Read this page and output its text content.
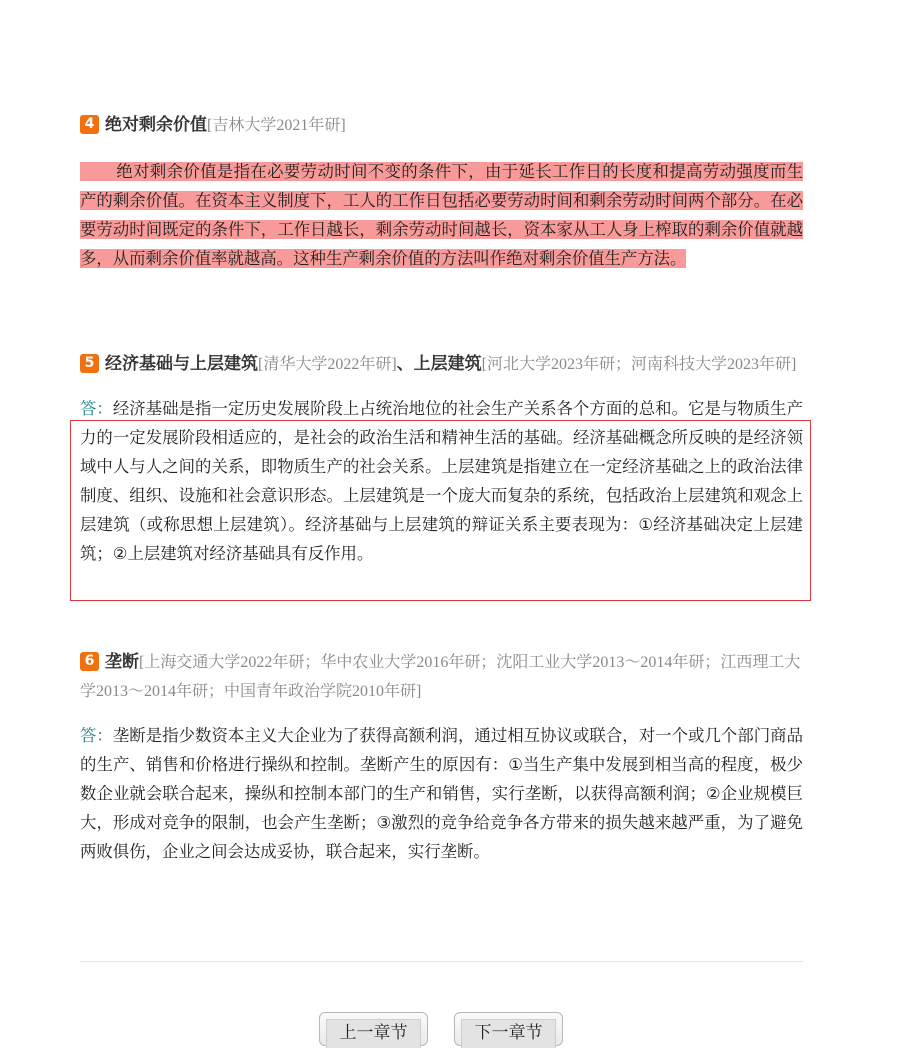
4 绝对剩余价值[吉林大学2021年研]

绝对剩余价值是指在必要劳动时间不变的条件下，由于延长工作日的长度和提高劳动强度而生产的剩余价值。在资本主义制度下，工人的工作日包括必要劳动时间和剩余劳动时间两个部分。在必要劳动时间既定的条件下，工作日越长，剩余劳动时间越长，资本家从工人身上榨取的剩余价值就越多，从而剩余价值率就越高。这种生产剩余价值的方法叫作绝对剩余价值生产方法。

5 经济基础与上层建筑[清华大学2022年研]、上层建筑[河北大学2023年研；河南科技大学2023年研]

答：经济基础是指一定历史发展阶段上占统治地位的社会生产关系各个方面的总和。它是与物质生产力的一定发展阶段相适应的，是社会的政治生活和精神生活的基础。经济基础概念所反映的是经济领域中人与人之间的关系，即物质生产的社会关系。上层建筑是指建立在一定经济基础之上的政治法律制度、组织、设施和社会意识形态。上层建筑是一个庞大而复杂的系统，包括政治上层建筑和观念上层建筑（或称思想上层建筑）。经济基础与上层建筑的辩证关系主要表现为：①经济基础决定上层建筑；②上层建筑对经济基础具有反作用。

6 垄断[上海交通大学2022年研；华中农业大学2016年研；沈阳工业大学2013～2014年研；江西理工大学2013～2014年研；中国青年政治学院2010年研]

答：垄断是指少数资本主义大企业为了获得高额利润，通过相互协议或联合，对一个或几个部门商品的生产、销售和价格进行操纵和控制。垄断产生的原因有：①当生产集中发展到相当高的程度，极少数企业就会联合起来，操纵和控制本部门的生产和销售，实行垄断，以获得高额利润；②企业规模巨大，形成对竞争的限制，也会产生垄断；③激烈的竞争给竞争各方带来的损失越来越严重，为了避免两败俱伤，企业之间会达成妥协，联合起来，实行垄断。

上一章节	下一章节
